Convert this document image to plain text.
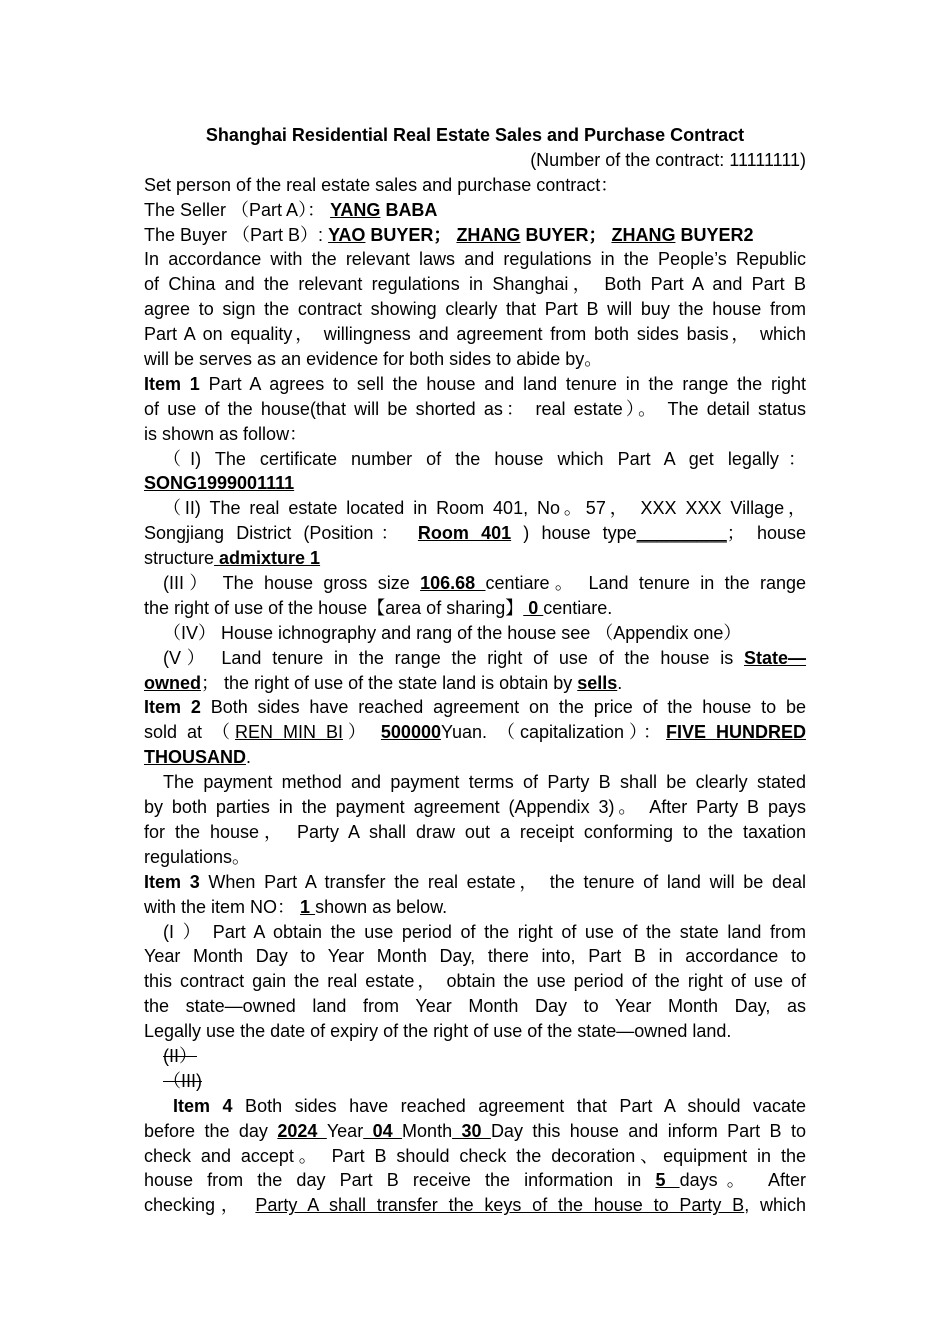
Shanghai Residential Real Estate Sales and Purchase Contract
(Number of the contract: 11111111)
Set person of the real estate sales and purchase contract：
The Seller （Part A）： YANG BABA
The Buyer （Part B）: YAO BUYER； ZHANG BUYER； ZHANG BUYER2
In accordance with the relevant laws and regulations in the People’s Republic
of China and the relevant regulations in Shanghai， Both Part A and Part B
agree to sign the contract showing clearly that Part B will buy the house from
Part A on equality， willingness and agreement from both sides basis， which
will be serves as an evidence for both sides to abide by。
Item 1 Part A agrees to sell the house and land tenure in the range the right
of use of the house(that will be shorted as： real estate）。 The detail status
is shown as follow：
（I) The certificate number of the house which Part A get legally：
SONG1999001111
（II) The real estate located in Room 401, No。57， XXX XXX Village，
Songjiang District (Position： Room 401 ) house type_________； house
structure admixture 1
(III） The house gross size 106.68 centiare。 Land tenure in the range
the right of use of the house【area of sharing】 0 centiare.
（IV） House ichnography and rang of the house see （Appendix one）
(V） Land tenure in the range the right of use of the house is State—
owned； the right of use of the state land is obtain by sells.
Item 2 Both sides have reached agreement on the price of the house to be
sold at （REN MIN BI） 500000Yuan. （capitalization）：FIVE HUNDRED
THOUSAND.
The payment method and payment terms of Party B shall be clearly stated
by both parties in the payment agreement (Appendix 3)。 After Party B pays
for the house， Party A shall draw out a receipt conforming to the taxation
regulations。
Item 3 When Part A transfer the real estate， the tenure of land will be deal
with the item NO： 1 shown as below.
(I ） Part A obtain the use period of the right of use of the state land from
Year Month Day to Year Month Day, there into, Part B in accordance to
this contract gain the real estate， obtain the use period of the right of use of
the state—owned land from Year Month Day to Year Month Day, as
Legally use the date of expiry of the right of use of the state—owned land.
(II）
（III)
Item 4 Both sides have reached agreement that Part A should vacate
before the day 2024 Year 04 Month 30 Day this house and inform Part B to
check and accept。 Part B should check the decoration、equipment in the
house from the day Part B receive the information in 5 days。 After
checking， Party A shall transfer the keys of the house to Party B, which
